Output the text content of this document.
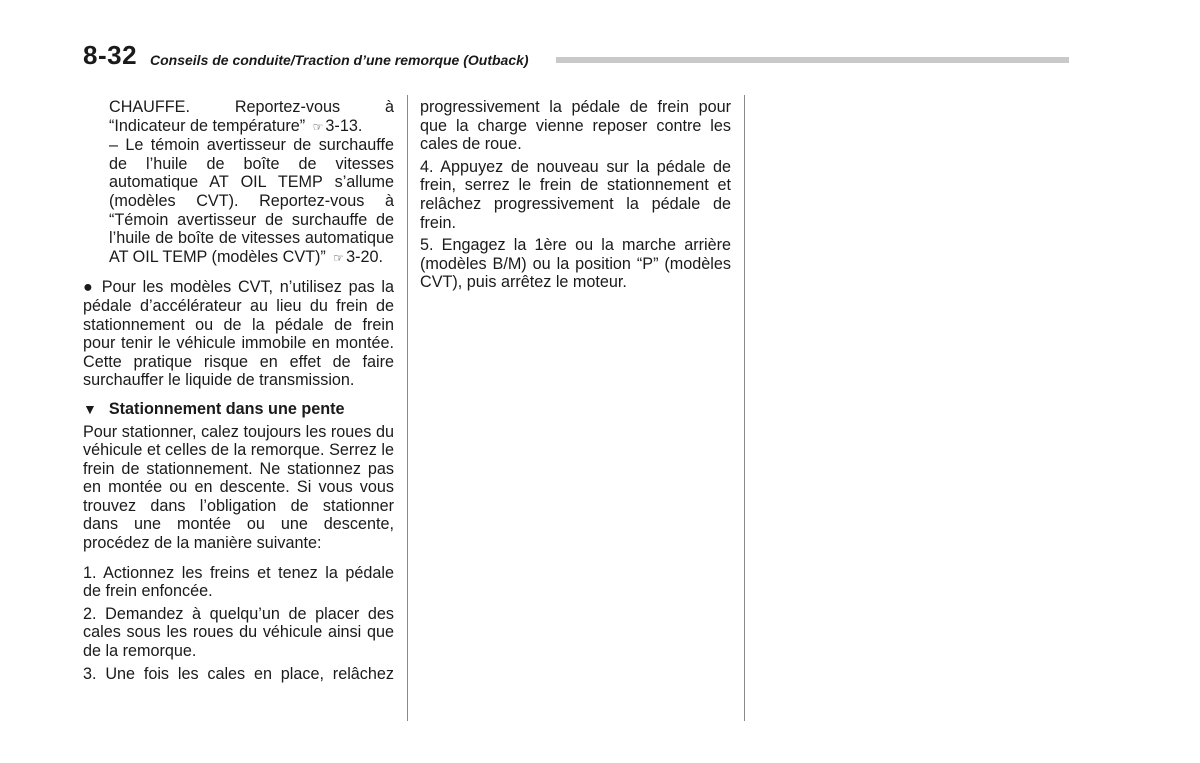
8-32 Conseils de conduite/Traction d’une remorque (Outback)

CHAUFFE. Reportez-vous à “Indicateur de température” ☞ 3-13.

– Le témoin avertisseur de surchauffe de l’huile de boîte de vitesses automatique AT OIL TEMP s’allume (modèles CVT). Reportez-vous à “Témoin avertisseur de surchauffe de l’huile de boîte de vitesses automatique AT OIL TEMP (modèles CVT)” ☞ 3-20.

● Pour les modèles CVT, n’utilisez pas la pédale d’accélérateur au lieu du frein de stationnement ou de la pédale de frein pour tenir le véhicule immobile en montée. Cette pratique risque en effet de faire surchauffer le liquide de transmission.

▼ Stationnement dans une pente

Pour stationner, calez toujours les roues du véhicule et celles de la remorque. Serrez le frein de stationnement. Ne stationnez pas en montée ou en descente. Si vous vous trouvez dans l’obligation de stationner dans une montée ou une descente, procédez de la manière suivante:

1. Actionnez les freins et tenez la pédale de frein enfoncée.

2. Demandez à quelqu’un de placer des cales sous les roues du véhicule ainsi que de la remorque.

3. Une fois les cales en place, relâchez

progressivement la pédale de frein pour que la charge vienne reposer contre les cales de roue.

4. Appuyez de nouveau sur la pédale de frein, serrez le frein de stationnement et relâchez progressivement la pédale de frein.

5. Engagez la 1ère ou la marche arrière (modèles B/M) ou la position “P” (modèles CVT), puis arrêtez le moteur.
